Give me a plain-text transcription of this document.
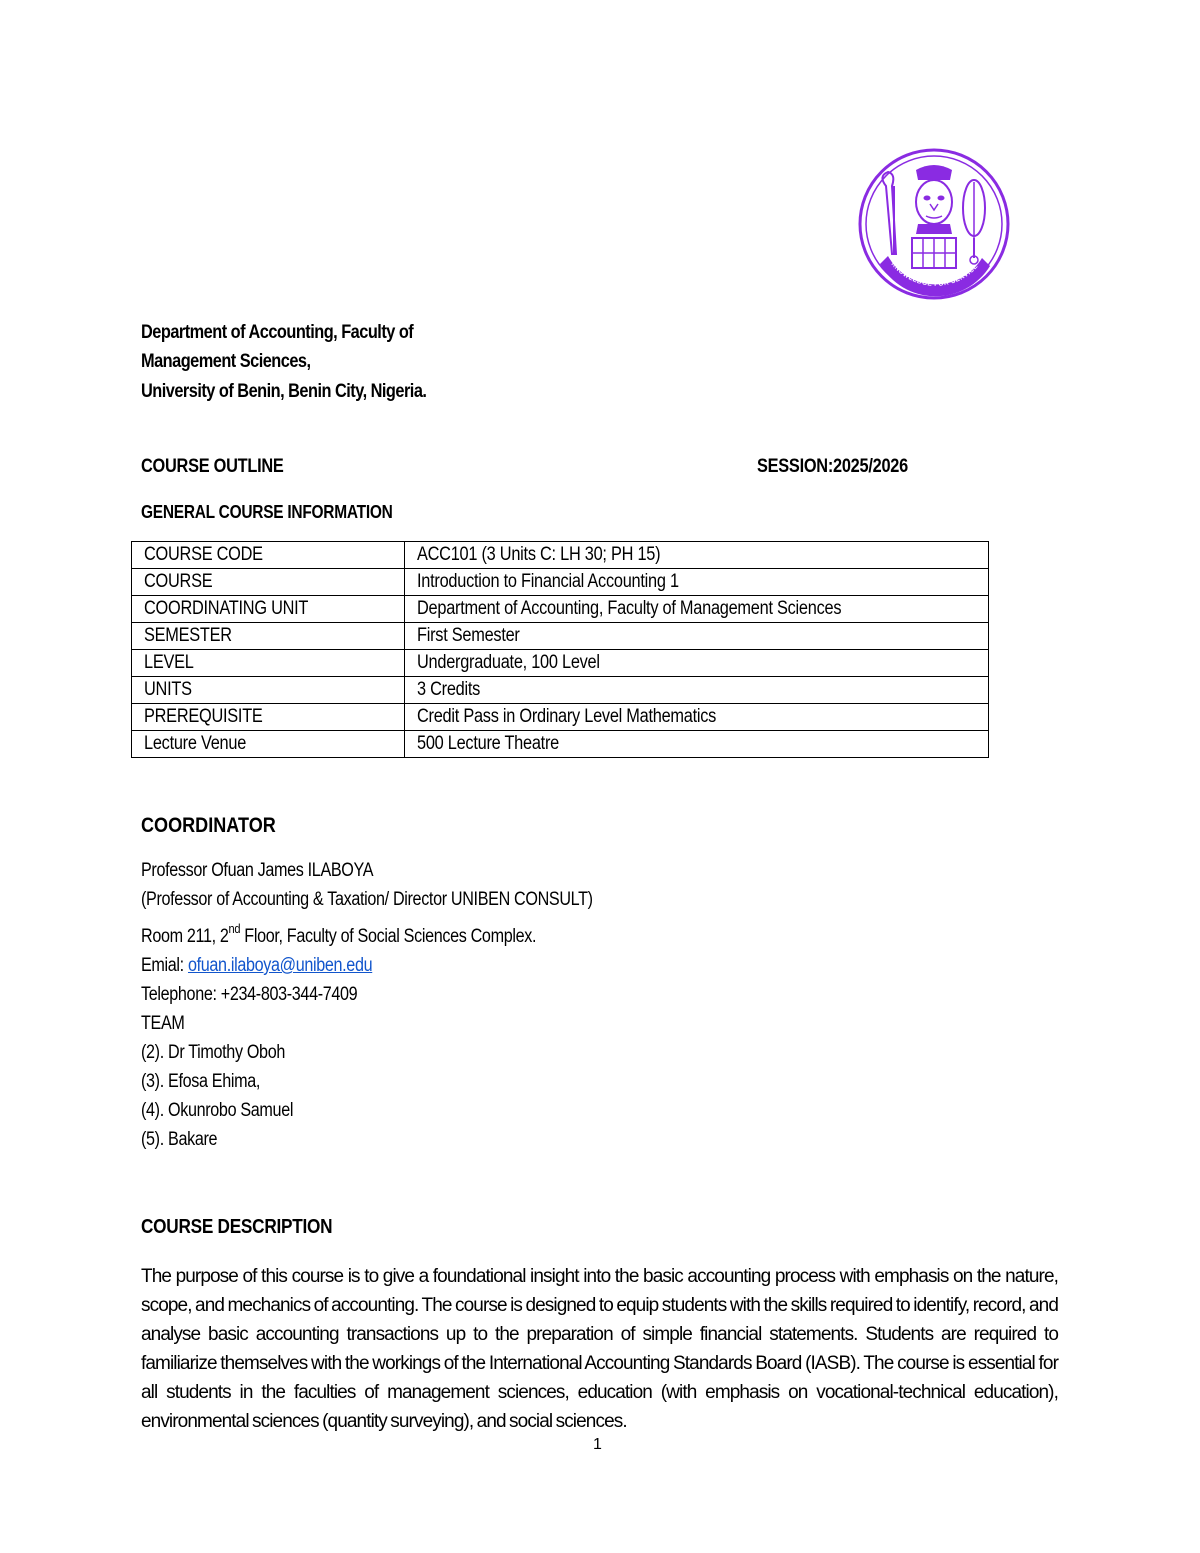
KNOWLEDGE FOR SERVICE
Department of Accounting, Faculty of
Management Sciences,
University of Benin, Benin City, Nigeria.
COURSE OUTLINE	SESSION:2025/2026
GENERAL COURSE INFORMATION
COURSE CODE	ACC101 (3 Units C: LH 30; PH 15)
COURSE	Introduction to Financial Accounting 1
COORDINATING UNIT	Department of Accounting, Faculty of Management Sciences
SEMESTER	First Semester
LEVEL	Undergraduate, 100 Level
UNITS	3 Credits
PREREQUISITE	Credit Pass in Ordinary Level Mathematics
Lecture Venue	500 Lecture Theatre
COORDINATOR
Professor Ofuan James ILABOYA
(Professor of Accounting & Taxation/ Director UNIBEN CONSULT)
Room 211, 2nd Floor, Faculty of Social Sciences Complex.
Emial: ofuan.ilaboya@uniben.edu
Telephone: +234-803-344-7409
TEAM
(2). Dr Timothy Oboh
(3). Efosa Ehima,
(4). Okunrobo Samuel
(5). Bakare
COURSE DESCRIPTION
The purpose of this course is to give a foundational insight into the basic accounting process with emphasis on the nature, scope, and mechanics of accounting. The course is designed to equip students with the skills required to identify, record, and analyse basic accounting transactions up to the preparation of simple financial statements. Students are required to familiarize themselves with the workings of the International Accounting Standards Board (IASB). The course is essential for all students in the faculties of management sciences, education (with emphasis on vocational-technical education), environmental sciences (quantity surveying), and social sciences.
1
